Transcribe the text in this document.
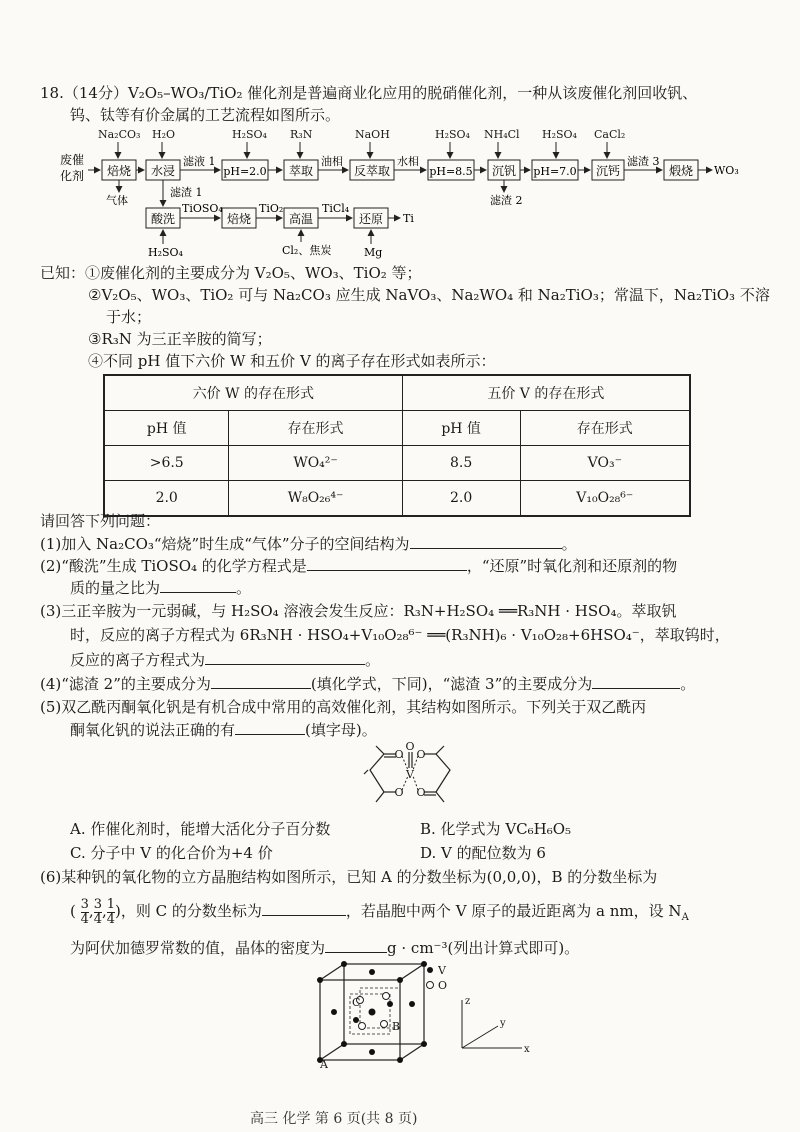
18.（14分）V₂O₅–WO₃/TiO₂ 催化剂是普遍商业化应用的脱硝催化剂，一种从该废催化剂回收钒、
钨、钛等有价金属的工艺流程如图所示。
Na₂CO₃ H₂O	H₂SO₄ R₃N	NaOH	H₂SO₄ NH₄Cl H₂SO₄ CaCl₂
废催
化剂 焙烧 水浸	pH=2.0 萃取	反萃取	pH=8.5 沉钒 pH=7.0 沉钙	煅烧
滤液 1	油相	水相	滤渣 3
WO₃
气体	滤渣 2
滤渣 1
酸洗	焙烧	高温	还原
TiOSO₄	TiO₂	TiCl₄
Ti
H₂SO₄	Cl₂、焦炭	Mg
已知：①废催化剂的主要成分为 V₂O₅、WO₃、TiO₂ 等；
②V₂O₅、WO₃、TiO₂ 可与 Na₂CO₃ 应生成 NaVO₃、Na₂WO₄ 和 Na₂TiO₃；常温下，Na₂TiO₃ 不溶
于水；
③R₃N 为三正辛胺的简写；
④不同 pH 值下六价 W 和五价 V 的离子存在形式如表所示：
六价 W 的存在形式		五价 V 的存在形式	
pH 值	存在形式	pH 值	存在形式
>6.5	WO₄²⁻	8.5	VO₃⁻
2.0	W₈O₂₆⁴⁻	2.0	V₁₀O₂₈⁶⁻
请回答下列问题：
(1)加入 Na₂CO₃“焙烧”时生成“气体”分子的空间结构为	。
(2)“酸洗”生成 TiOSO₄ 的化学方程式是	，“还原”时氧化剂和还原剂的物
质的量之比为	。
(3)三正辛胺为一元弱碱，与 H₂SO₄ 溶液会发生反应：R₃N+H₂SO₄ ══R₃NH · HSO₄。萃取钒
时，反应的离子方程式为 6R₃NH · HSO₄+V₁₀O₂₈⁶⁻ ══(R₃NH)₆ · V₁₀O₂₈+6HSO₄⁻，萃取钨时，
反应的离子方程式为	。
(4)“滤渣 2”的主要成分为	(填化学式，下同)，“滤渣 3”的主要成分为	。
(5)双乙酰丙酮氧化钒是有机合成中常用的高效催化剂，其结构如图所示。下列关于双乙酰丙
酮氧化钒的说法正确的有	(填字母)。
O
O
O
O O
V
A. 作催化剂时，能增大活化分子百分数	B. 化学式为 VC₆H₆O₅
C. 分子中 V 的化合价为+4 价	D. V 的配位数为 6
(6)某种钒的氧化物的立方晶胞结构如图所示，已知 A 的分数坐标为(0,0,0)，B 的分数坐标为
( $\frac{3}{4}$ , $\frac{3}{4}$ , $\frac{1}{4}$ )，则 C 的分数坐标为	，若晶胞中两个 V 原子的最近距离为 a nm，设 $N_A$
为阿伏加德罗常数的值，晶体的密度为	g · cm⁻³(列出计算式即可)。
V
O
A
B
C
x
z
y
高三 化学 第 6 页(共 8 页)
